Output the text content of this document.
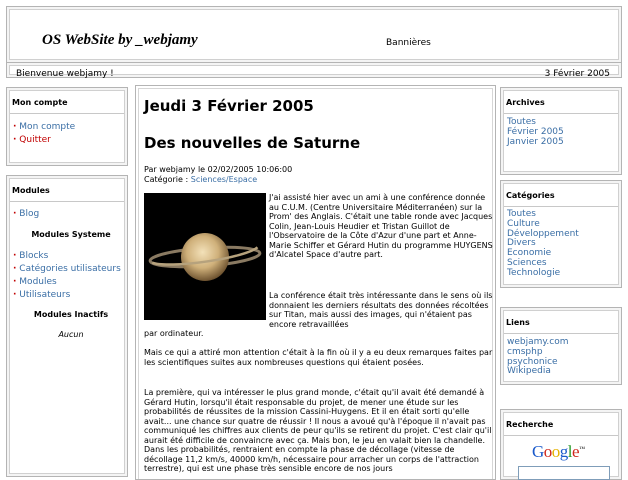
OS WebSite by _webjamy	Bannières
Bienvenue webjamy !	3 Février 2005
Mon compte
· Mon compte
· Quitter
Modules
· Blog
Modules Systeme
· Blocks
· Catégories utilisateurs
· Modules
· Utilisateurs
Modules Inactifs
Aucun
Jeudi 3 Février 2005
Des nouvelles de Saturne
Par webjamy le 02/02/2005 10:06:00
Catégorie : Sciences/Espace
J'ai assisté hier avec un ami à une conférence donnée au C.U.M. (Centre Universitaire Méditerranéen) sur la Prom' des Anglais. C'était une table ronde avec Jacques Colin, Jean-Louis Heudier et Tristan Guillot de l'Observatoire de la Côte d'Azur d'une part et Anne-Marie Schiffer et Gérard Hutin du programme HUYGENS d'Alcatel Space d'autre part.
La conférence était très intéressante dans le sens où ils donnaient les derniers résultats des données récoltées sur Titan, mais aussi des images, qui n'étaient pas encore retravaillées
par ordinateur.
Mais ce qui a attiré mon attention c'était à la fin où il y a eu deux remarques faites par les scientifiques suites aux nombreuses questions qui étaient posées.
La première, qui va intéresser le plus grand monde, c'était qu'il avait été demandé à Gérard Hutin, lorsqu'il était responsable du projet, de mener une étude sur les probabilités de réussites de la mission Cassini-Huygens. Et il en était sorti qu'elle avait... une chance sur quatre de réussir ! Il nous a avoué qu'à l'époque il n'avait pas communiqué les chiffres aux clients de peur qu'ils se retirent du projet. C'est clair qu'il aurait été difficile de convaincre avec ça. Mais bon, le jeu en valait bien la chandelle. Dans les probabilités, rentraient en compte la phase de décollage (vitesse de décollage 11,2 km/s, 40000 km/h, nécessaire pour arracher un corps de l'attraction terrestre), qui est une phase très sensible encore de nos jours
Archives
Toutes
Février 2005
Janvier 2005
Catégories
Toutes
Culture
Développement
Divers
Economie
Sciences
Technologie
Liens
webjamy.com
cmsphp
psychonice
Wikipedia
Recherche
Google™
